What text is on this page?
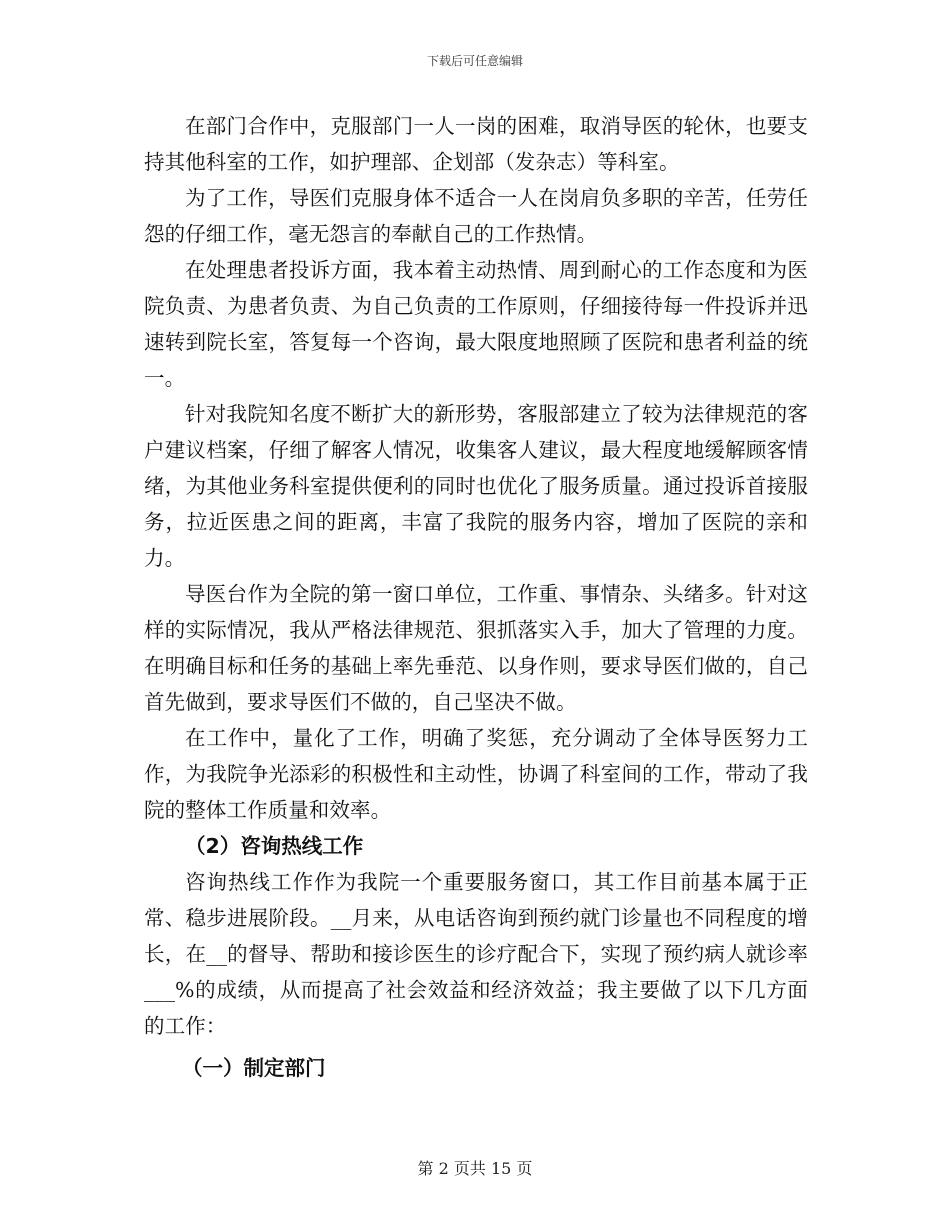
下载后可任意编辑

在部门合作中，克服部门一人一岗的困难，取消导医的轮休，也要支持其他科室的工作，如护理部、企划部（发杂志）等科室。

为了工作，导医们克服身体不适合一人在岗肩负多职的辛苦，任劳任怨的仔细工作，毫无怨言的奉献自己的工作热情。

在处理患者投诉方面，我本着主动热情、周到耐心的工作态度和为医院负责、为患者负责、为自己负责的工作原则，仔细接待每一件投诉并迅速转到院长室，答复每一个咨询，最大限度地照顾了医院和患者利益的统一。

针对我院知名度不断扩大的新形势，客服部建立了较为法律规范的客户建议档案，仔细了解客人情况，收集客人建议，最大程度地缓解顾客情绪，为其他业务科室提供便利的同时也优化了服务质量。通过投诉首接服务，拉近医患之间的距离，丰富了我院的服务内容，增加了医院的亲和力。

导医台作为全院的第一窗口单位，工作重、事情杂、头绪多。针对这样的实际情况，我从严格法律规范、狠抓落实入手，加大了管理的力度。在明确目标和任务的基础上率先垂范、以身作则，要求导医们做的，自己首先做到，要求导医们不做的，自己坚决不做。

在工作中，量化了工作，明确了奖惩，充分调动了全体导医努力工作，为我院争光添彩的积极性和主动性，协调了科室间的工作，带动了我院的整体工作质量和效率。

（2）咨询热线工作

咨询热线工作作为我院一个重要服务窗口，其工作目前基本属于正常、稳步进展阶段。__月来，从电话咨询到预约就门诊量也不同程度的增长，在__的督导、帮助和接诊医生的诊疗配合下，实现了预约病人就诊率___%的成绩，从而提高了社会效益和经济效益；我主要做了以下几方面的工作：

（一）制定部门

第 2 页共 15 页
